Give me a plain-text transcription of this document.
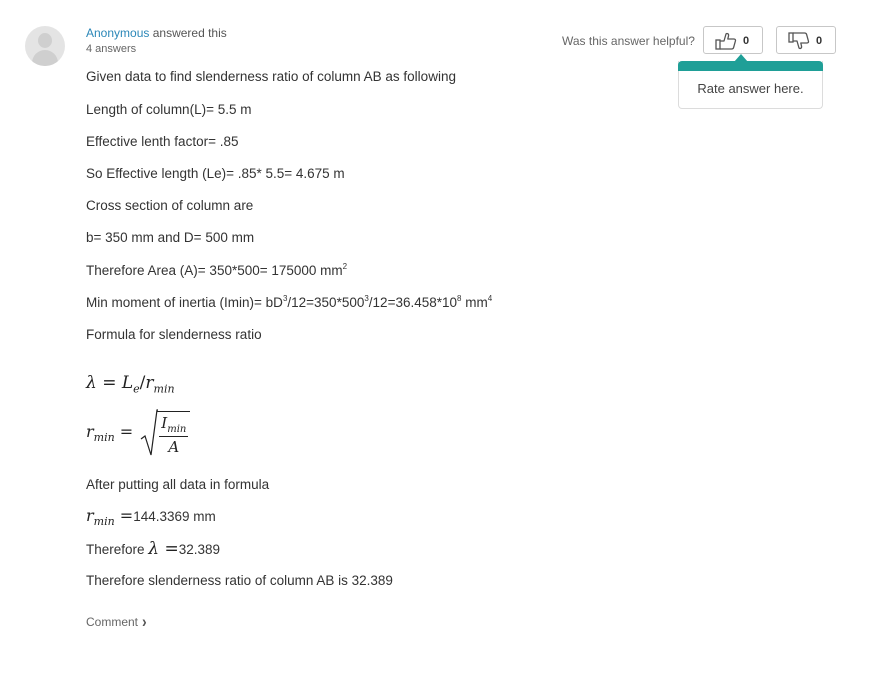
Anonymous answered this
4 answers
Was this answer helpful?	0	0
Rate answer here.
Given data to find slenderness ratio of column AB as following
Length of column(L)= 5.5 m
Effective lenth factor= .85
So Effective length (Le)= .85* 5.5= 4.675 m
Cross section of column are
b= 350 mm and D= 500 mm
Therefore Area (A)= 350*500= 175000 $mm^2$
Min moment of inertia $(Imin)= bD^3/12=350*500^3/12=36.458*10^8$ $mm^4$
Formula for slenderness ratio
$\lambda = L_e/r_{min}$
$r_{min} = \frac{I_{min}}{A}$
After putting all data in formula
$r_{min} =144.3369$ mm
Therefore λ =32.389
Therefore slenderness ratio of column AB is 32.389
Comment ›
